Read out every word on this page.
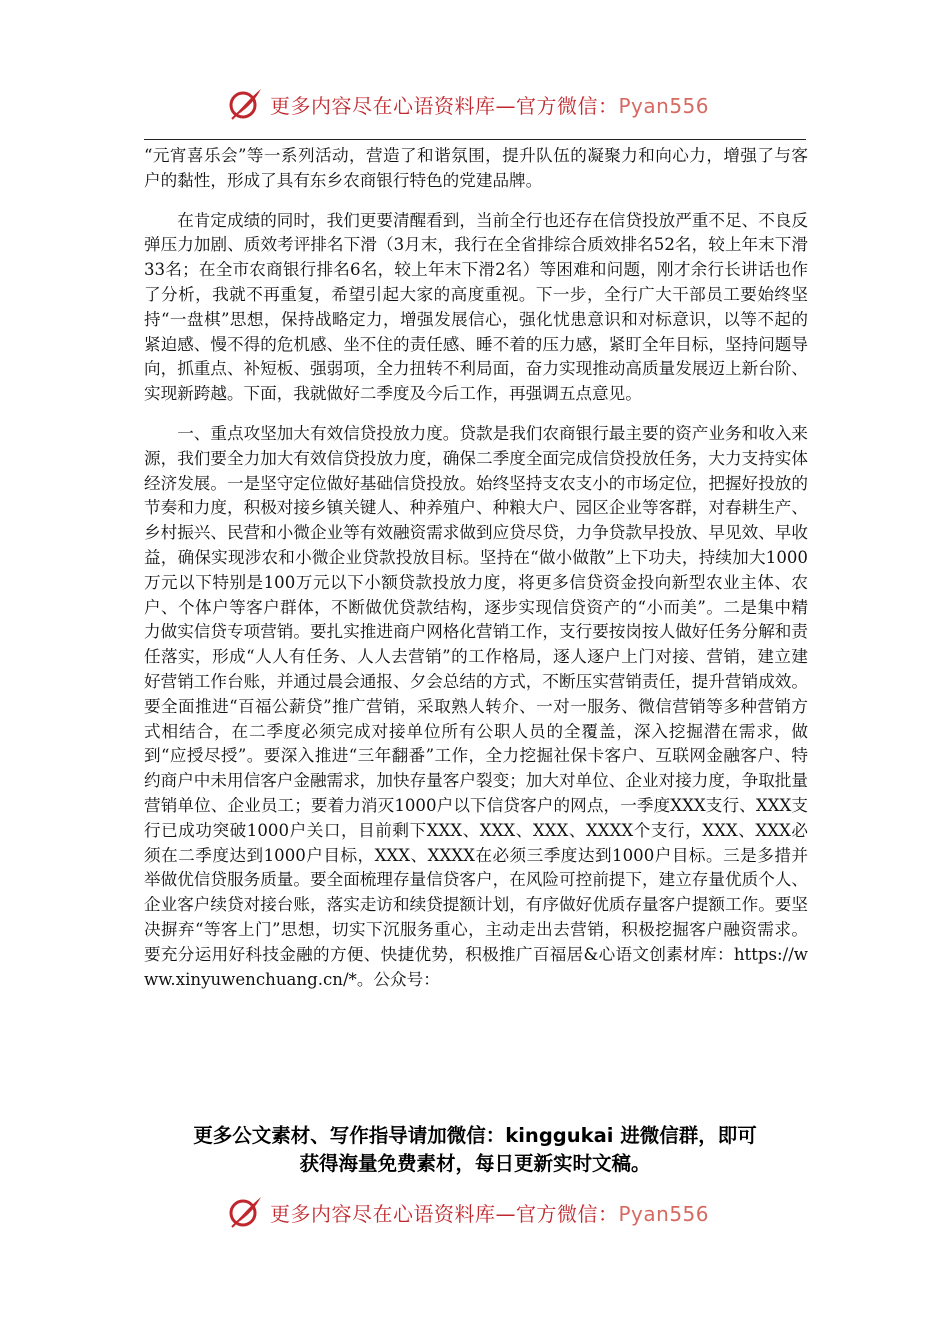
更多内容尽在心语资料库—官方微信：Pyan556

“元宵喜乐会”等一系列活动，营造了和谐氛围，提升队伍的凝聚力和向心力，增强了与客户的黏性，形成了具有东乡农商银行特色的党建品牌。

在肯定成绩的同时，我们更要清醒看到，当前全行也还存在信贷投放严重不足、不良反弹压力加剧、质效考评排名下滑（3月末，我行在全省排综合质效排名52名，较上年末下滑33名；在全市农商银行排名6名，较上年末下滑2名）等困难和问题，刚才余行长讲话也作了分析，我就不再重复，希望引起大家的高度重视。下一步，全行广大干部员工要始终坚持“一盘棋”思想，保持战略定力，增强发展信心，强化忧患意识和对标意识，以等不起的紧迫感、慢不得的危机感、坐不住的责任感、睡不着的压力感，紧盯全年目标，坚持问题导向，抓重点、补短板、强弱项，全力扭转不利局面，奋力实现推动高质量发展迈上新台阶、实现新跨越。下面，我就做好二季度及今后工作，再强调五点意见。

一、重点攻坚加大有效信贷投放力度。贷款是我们农商银行最主要的资产业务和收入来源，我们要全力加大有效信贷投放力度，确保二季度全面完成信贷投放任务，大力支持实体经济发展。一是坚守定位做好基础信贷投放。始终坚持支农支小的市场定位，把握好投放的节奏和力度，积极对接乡镇关键人、种养殖户、种粮大户、园区企业等客群，对春耕生产、乡村振兴、民营和小微企业等有效融资需求做到应贷尽贷，力争贷款早投放、早见效、早收益，确保实现涉农和小微企业贷款投放目标。坚持在“做小做散”上下功夫，持续加大1000万元以下特别是100万元以下小额贷款投放力度，将更多信贷资金投向新型农业主体、农户、个体户等客户群体，不断做优贷款结构，逐步实现信贷资产的“小而美”。二是集中精力做实信贷专项营销。要扎实推进商户网格化营销工作，支行要按岗按人做好任务分解和责任落实，形成“人人有任务、人人去营销”的工作格局，逐人逐户上门对接、营销，建立建好营销工作台账，并通过晨会通报、夕会总结的方式，不断压实营销责任，提升营销成效。要全面推进“百福公薪贷”推广营销，采取熟人转介、一对一服务、微信营销等多种营销方式相结合，在二季度必须完成对接单位所有公职人员的全覆盖，深入挖掘潜在需求，做到“应授尽授”。要深入推进“三年翻番”工作，全力挖掘社保卡客户、互联网金融客户、特约商户中未用信客户金融需求，加快存量客户裂变；加大对单位、企业对接力度，争取批量营销单位、企业员工；要着力消灭1000户以下信贷客户的网点，一季度XXX支行、XXX支行已成功突破1000户关口，目前剩下XXX、XXX、XXX、XXXX个支行，XXX、XXX必须在二季度达到1000户目标，XXX、XXXX在必须三季度达到1000户目标。三是多措并举做优信贷服务质量。要全面梳理存量信贷客户，在风险可控前提下，建立存量优质个人、企业客户续贷对接台账，落实走访和续贷提额计划，有序做好优质存量客户提额工作。要坚决摒弃“等客上门”思想，切实下沉服务重心，主动走出去营销，积极挖掘客户融资需求。要充分运用好科技金融的方便、快捷优势，积极推广百福居&心语文创素材库：https://www.xinyuwenchuang.cn/*。公众号：

更多公文素材、写作指导请加微信：kinggukai 进微信群，即可
获得海量免费素材，每日更新实时文稿。
更多内容尽在心语资料库—官方微信：Pyan556
